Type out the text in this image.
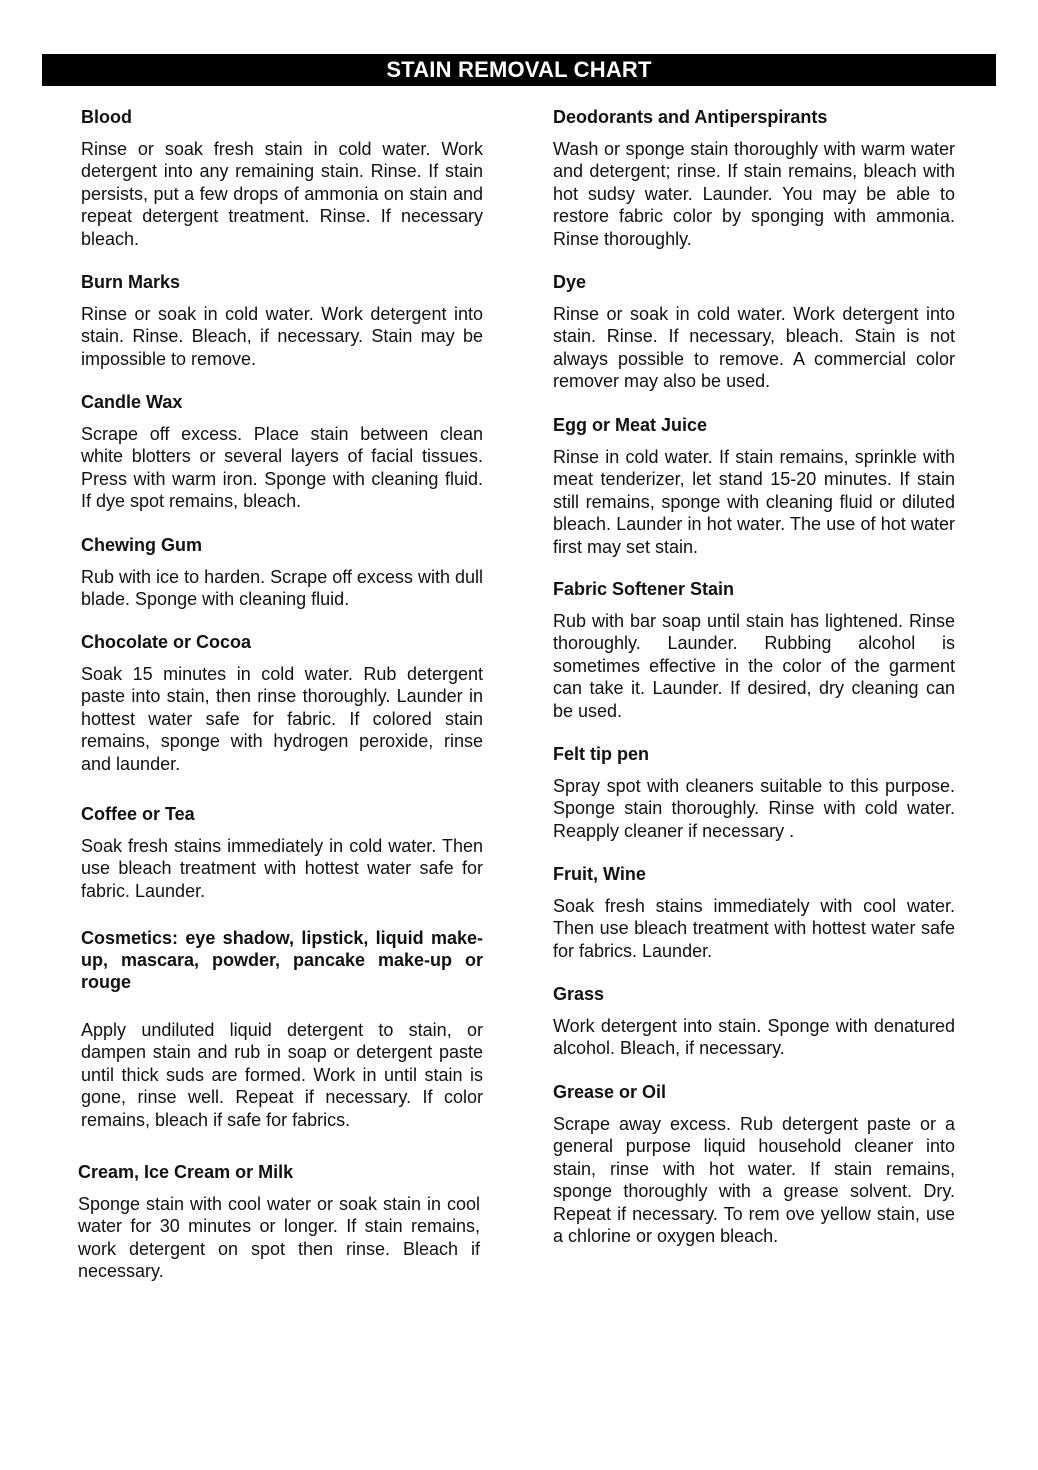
STAIN REMOVAL CHART
Blood
Rinse or soak fresh stain in cold water. Work detergent into any remaining stain. Rinse. If stain persists, put a few drops of ammonia on stain and repeat detergent treatment. Rinse. If necessary bleach.
Burn Marks
Rinse or soak in cold water. Work detergent into stain. Rinse. Bleach, if necessary. Stain may be impossible to remove.
Candle Wax
Scrape off excess. Place stain between clean white blotters or several layers of facial tissues. Press with warm iron. Sponge with cleaning fluid. If dye spot remains, bleach.
Chewing Gum
Rub with ice to harden. Scrape off excess with dull blade. Sponge with cleaning fluid.
Chocolate or Cocoa
Soak 15 minutes in cold water. Rub detergent paste into stain, then rinse thoroughly. Launder in hottest water safe for fabric. If colored stain remains, sponge with hydrogen peroxide, rinse and launder.
Coffee or Tea
Soak fresh stains immediately in cold water. Then use bleach treatment with hottest water safe for fabric. Launder.
Cosmetics: eye shadow, lipstick, liquid make-up, mascara, powder, pancake make-up or rouge
Apply undiluted liquid detergent to stain, or dampen stain and rub in soap or detergent paste until thick suds are formed. Work in until stain is gone, rinse well. Repeat if necessary. If color remains, bleach if safe for fabrics.
Cream, Ice Cream or Milk
Sponge stain with cool water or soak stain in cool water for 30 minutes or longer. If stain remains, work detergent on spot then rinse. Bleach if necessary.
Deodorants and Antiperspirants
Wash or sponge stain thoroughly with warm water and detergent; rinse. If stain remains, bleach with hot sudsy water. Launder. You may be able to restore fabric color by sponging with ammonia. Rinse thoroughly.
Dye
Rinse or soak in cold water. Work detergent into stain. Rinse. If necessary, bleach. Stain is not always possible to remove. A commercial color remover may also be used.
Egg or Meat Juice
Rinse in cold water. If stain remains, sprinkle with meat tenderizer, let stand 15-20 minutes. If stain still remains, sponge with cleaning fluid or diluted bleach. Launder in hot water. The use of hot water first may set stain.
Fabric Softener Stain
Rub with bar soap until stain has lightened. Rinse thoroughly. Launder. Rubbing alcohol is sometimes effective in the color of the garment can take it. Launder. If desired, dry cleaning can be used.
Felt tip pen
Spray spot with cleaners suitable to this purpose. Sponge stain thoroughly. Rinse with cold water. Reapply cleaner if necessary .
Fruit, Wine
Soak fresh stains immediately with cool water. Then use bleach treatment with hottest water safe for fabrics. Launder.
Grass
Work detergent into stain. Sponge with denatured alcohol. Bleach, if necessary.
Grease or Oil
Scrape away excess. Rub detergent paste or a general purpose liquid household cleaner into stain, rinse with hot water. If stain remains, sponge thoroughly with a grease solvent. Dry. Repeat if necessary. To rem ove yellow stain, use a chlorine or oxygen bleach.
